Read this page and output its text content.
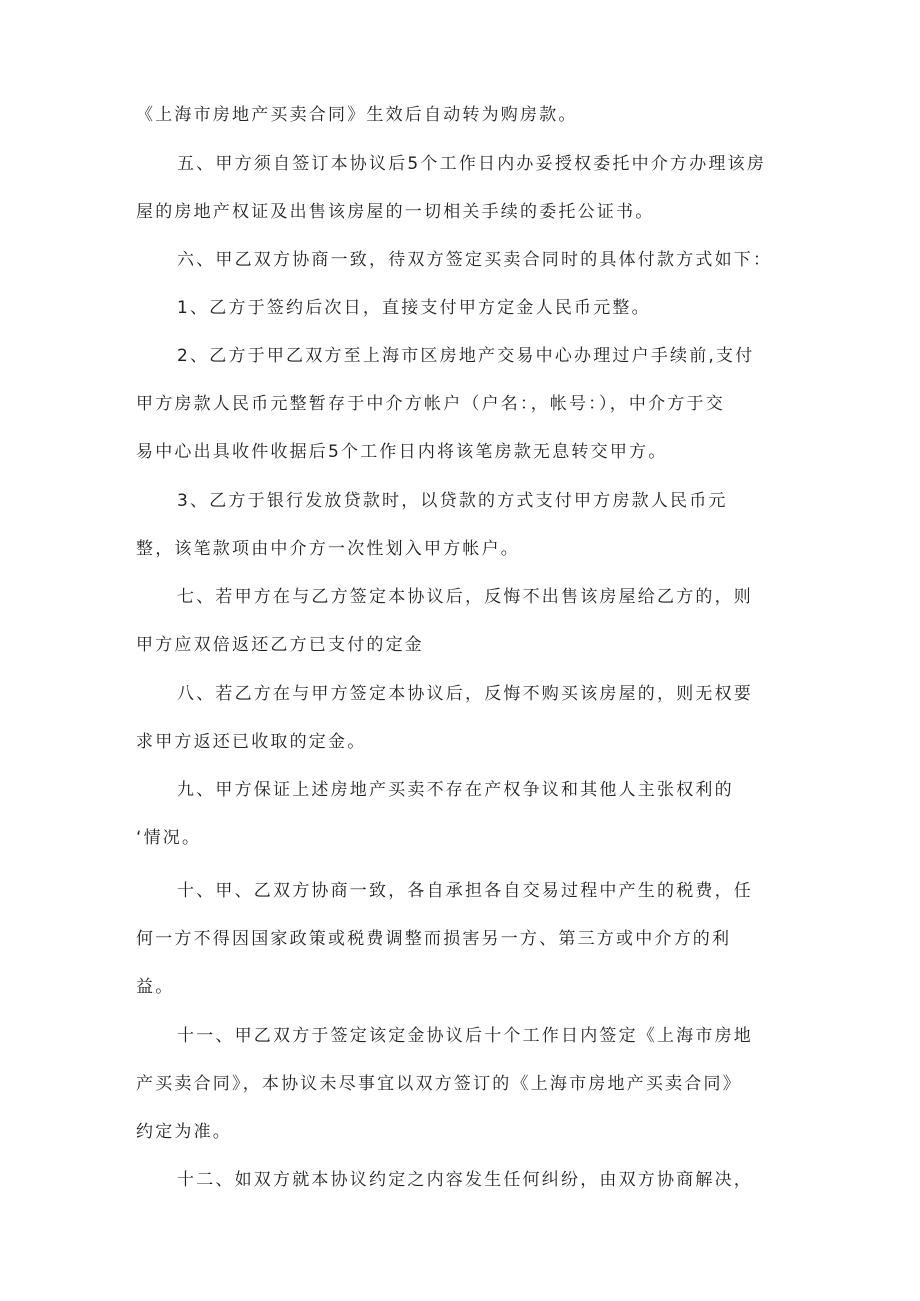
《上海市房地产买卖合同》生效后自动转为购房款。
五、甲方须自签订本协议后5个工作日内办妥授权委托中介方办理该房
屋的房地产权证及出售该房屋的一切相关手续的委托公证书。
六、甲乙双方协商一致，待双方签定买卖合同时的具体付款方式如下：
1、乙方于签约后次日，直接支付甲方定金人民币元整。
2、乙方于甲乙双方至上海市区房地产交易中心办理过户手续前,支付
甲方房款人民币元整暂存于中介方帐户（户名：，帐号：），中介方于交
易中心出具收件收据后5个工作日内将该笔房款无息转交甲方。
3、乙方于银行发放贷款时，以贷款的方式支付甲方房款人民币元
整，该笔款项由中介方一次性划入甲方帐户。
七、若甲方在与乙方签定本协议后，反悔不出售该房屋给乙方的，则
甲方应双倍返还乙方已支付的定金
八、若乙方在与甲方签定本协议后，反悔不购买该房屋的，则无权要
求甲方返还已收取的定金。
九、甲方保证上述房地产买卖不存在产权争议和其他人主张权利的
‘情况。
十、甲、乙双方协商一致，各自承担各自交易过程中产生的税费，任
何一方不得因国家政策或税费调整而损害另一方、第三方或中介方的利
益。
十一、甲乙双方于签定该定金协议后十个工作日内签定《上海市房地
产买卖合同》，本协议未尽事宜以双方签订的《上海市房地产买卖合同》
约定为准。
十二、如双方就本协议约定之内容发生任何纠纷，由双方协商解决，
